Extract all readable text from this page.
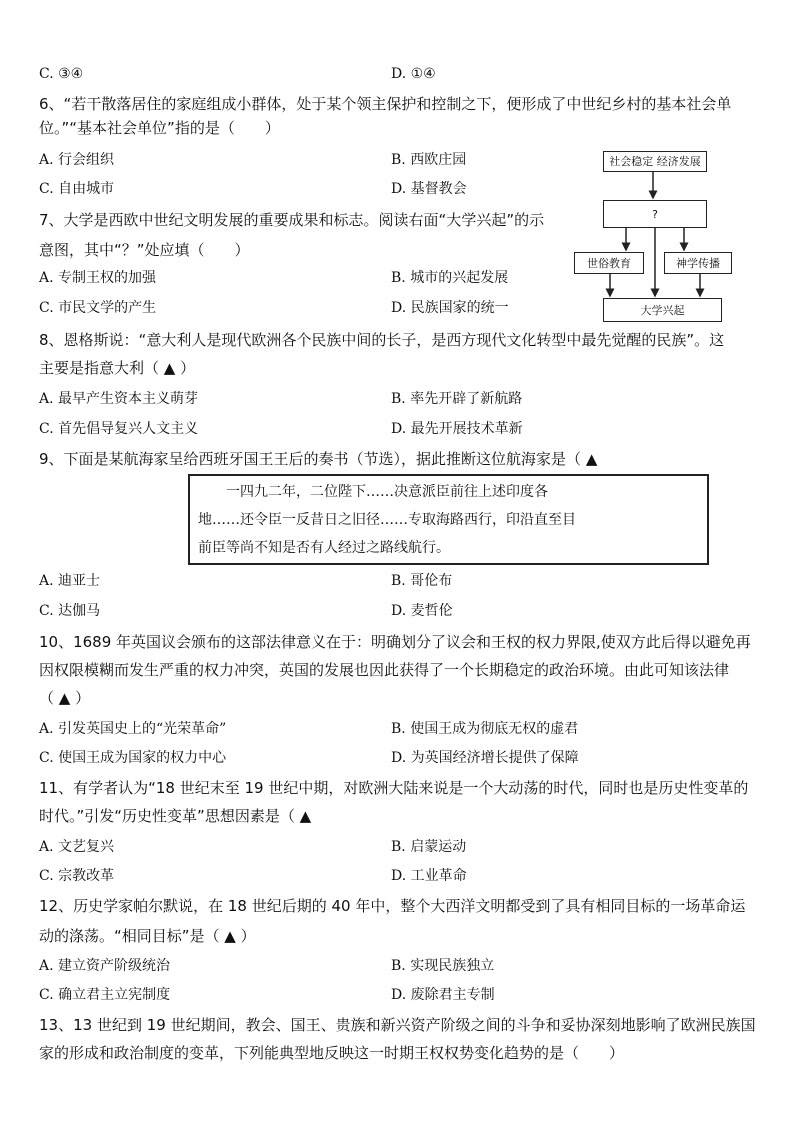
C. ③④	D. ①④
6、“若干散落居住的家庭组成小群体，处于某个领主保护和控制之下，便形成了中世纪乡村的基本社会单
位。”“基本社会单位”指的是（　　）
A. 行会组织	B. 西欧庄园
C. 自由城市	D. 基督教会
7、大学是西欧中世纪文明发展的重要成果和标志。阅读右面“大学兴起”的示
意图，其中“？”处应填（　　）
A. 专制王权的加强	B. 城市的兴起发展
C. 市民文学的产生	D. 民族国家的统一
社会稳定 经济发展
?
世俗教育	神学传播
大学兴起
8、恩格斯说：“意大利人是现代欧洲各个民族中间的长子，是西方现代文化转型中最先觉醒的民族”。这
主要是指意大利（ ▲ ）
A. 最早产生资本主义萌芽	B. 率先开辟了新航路
C. 首先倡导复兴人文主义	D. 最先开展技术革新
9、下面是某航海家呈给西班牙国王王后的奏书（节选），据此推断这位航海家是（ ▲
一四九二年，二位陛下……决意派臣前往上述印度各
地……还令臣一反昔日之旧径……专取海路西行，印沿直至目
前臣等尚不知是否有人经过之路线航行。
A. 迪亚士	B. 哥伦布
C. 达伽马	D. 麦哲伦
10、1689 年英国议会颁布的这部法律意义在于：明确划分了议会和王权的权力界限,使双方此后得以避免再
因权限模糊而发生严重的权力冲突，英国的发展也因此获得了一个长期稳定的政治环境。由此可知该法律
（ ▲ ）
A. 引发英国史上的“光荣革命”	B. 使国王成为彻底无权的虚君
C. 使国王成为国家的权力中心	D. 为英国经济增长提供了保障
11、有学者认为“18 世纪末至 19 世纪中期，对欧洲大陆来说是一个大动荡的时代，同时也是历史性变革的
时代。”引发“历史性变革”思想因素是（ ▲
A. 文艺复兴	B. 启蒙运动
C. 宗教改革	D. 工业革命
12、历史学家帕尔默说，在 18 世纪后期的 40 年中，整个大西洋文明都受到了具有相同目标的一场革命运
动的涤荡。“相同目标”是（ ▲ ）
A. 建立资产阶级统治	B. 实现民族独立
C. 确立君主立宪制度	D. 废除君主专制
13、13 世纪到 19 世纪期间，教会、国王、贵族和新兴资产阶级之间的斗争和妥协深刻地影响了欧洲民族国
家的形成和政治制度的变革，下列能典型地反映这一时期王权权势变化趋势的是（　　）
